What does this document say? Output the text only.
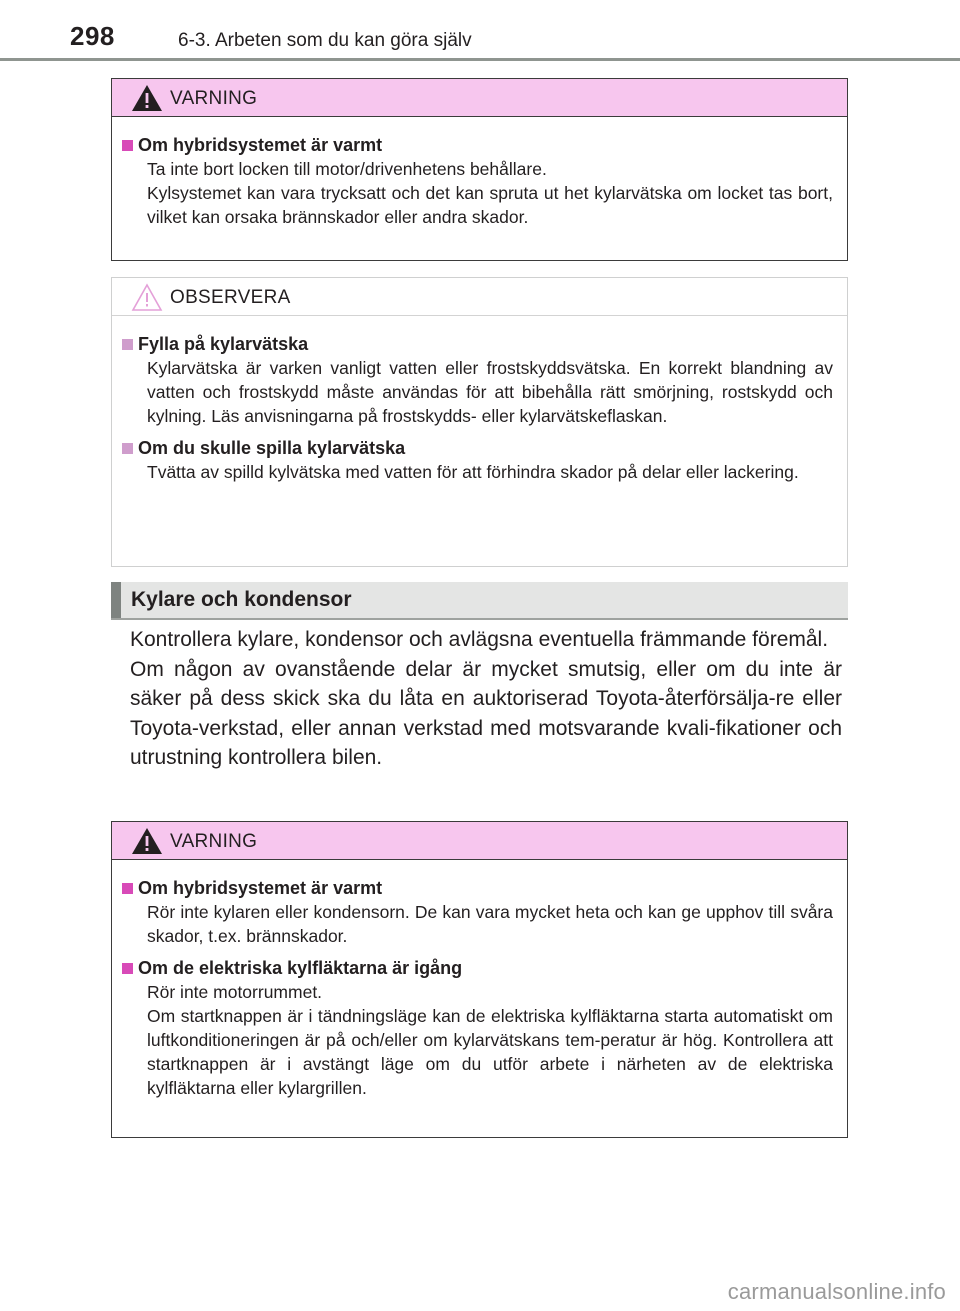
298	6-3. Arbeten som du kan göra själv
VARNING
Om hybridsystemet är varmt
Ta inte bort locken till motor/drivenhetens behållare.
Kylsystemet kan vara trycksatt och det kan spruta ut het kylarvätska om locket tas bort, vilket kan orsaka brännskador eller andra skador.
OBSERVERA
Fylla på kylarvätska
Kylarvätska är varken vanligt vatten eller frostskyddsvätska. En korrekt blandning av vatten och frostskydd måste användas för att bibehålla rätt smörjning, rostskydd och kylning. Läs anvisningarna på frostskydds- eller kylarvätskeflaskan.
Om du skulle spilla kylarvätska
Tvätta av spilld kylvätska med vatten för att förhindra skador på delar eller lackering.
Kylare och kondensor
Kontrollera kylare, kondensor och avlägsna eventuella främmande föremål.
Om någon av ovanstående delar är mycket smutsig, eller om du inte är säker på dess skick ska du låta en auktoriserad Toyota-återförsälja-re eller Toyota-verkstad, eller annan verkstad med motsvarande kvali-fikationer och utrustning kontrollera bilen.
VARNING
Om hybridsystemet är varmt
Rör inte kylaren eller kondensorn. De kan vara mycket heta och kan ge upphov till svåra skador, t.ex. brännskador.
Om de elektriska kylfläktarna är igång
Rör inte motorrummet.
Om startknappen är i tändningsläge kan de elektriska kylfläktarna starta automatiskt om luftkonditioneringen är på och/eller om kylarvätskans tem-peratur är hög. Kontrollera att startknappen är i avstängt läge om du utför arbete i närheten av de elektriska kylfläktarna eller kylargrillen.
carmanualsonline.info
